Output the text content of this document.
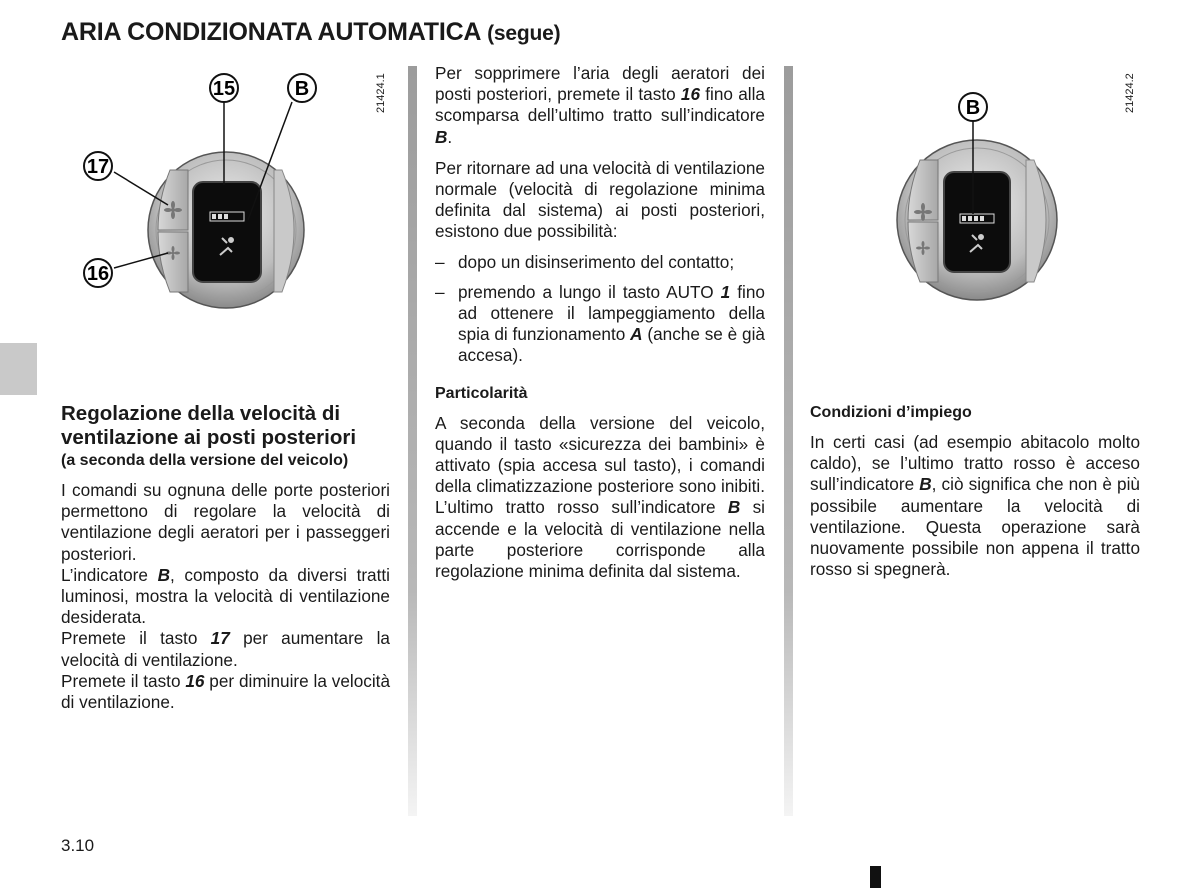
ARIA CONDIZIONATA AUTOMATICA (segue)
15	B
17
16
21424.1	B	21424.2
Regolazione della velocità di ventilazione ai posti posteriori
(a seconda della versione del veicolo)

I comandi su ognuna delle porte posteriori permettono di regolare la velocità di ventilazione degli aeratori per i passeggeri posteriori.

L’indicatore B, composto da diversi tratti luminosi, mostra la velocità di ventilazione desiderata.

Premete il tasto 17 per aumentare la velocità di ventilazione.

Premete il tasto 16 per diminuire la velocità di ventilazione.

Per sopprimere l’aria degli aeratori dei posti posteriori, premete il tasto 16 fino alla scomparsa dell’ultimo tratto sull’indicatore B.

Per ritornare ad una velocità di ventilazione normale (velocità di regolazione minima definita dal sistema) ai posti posteriori, esistono due possibilità:

– dopo un disinserimento del contatto;
– premendo a lungo il tasto AUTO 1 fino ad ottenere il lampeggiamento della spia di funzionamento A (anche se è già accesa).
Particolarità

A seconda della versione del veicolo, quando il tasto «sicurezza dei bambini» è attivato (spia accesa sul tasto), i comandi della climatizzazione posteriore sono inibiti. L’ultimo tratto rosso sull’indicatore B si accende e la velocità di ventilazione nella parte posteriore corrisponde alla regolazione minima definita dal sistema.

Condizioni d’impiego

In certi casi (ad esempio abitacolo molto caldo), se l’ultimo tratto rosso è acceso sull’indicatore B, ciò significa che non è più possibile aumentare la velocità di ventilazione. Questa operazione sarà nuovamente possibile non appena il tratto rosso si spegnerà.

3.10
